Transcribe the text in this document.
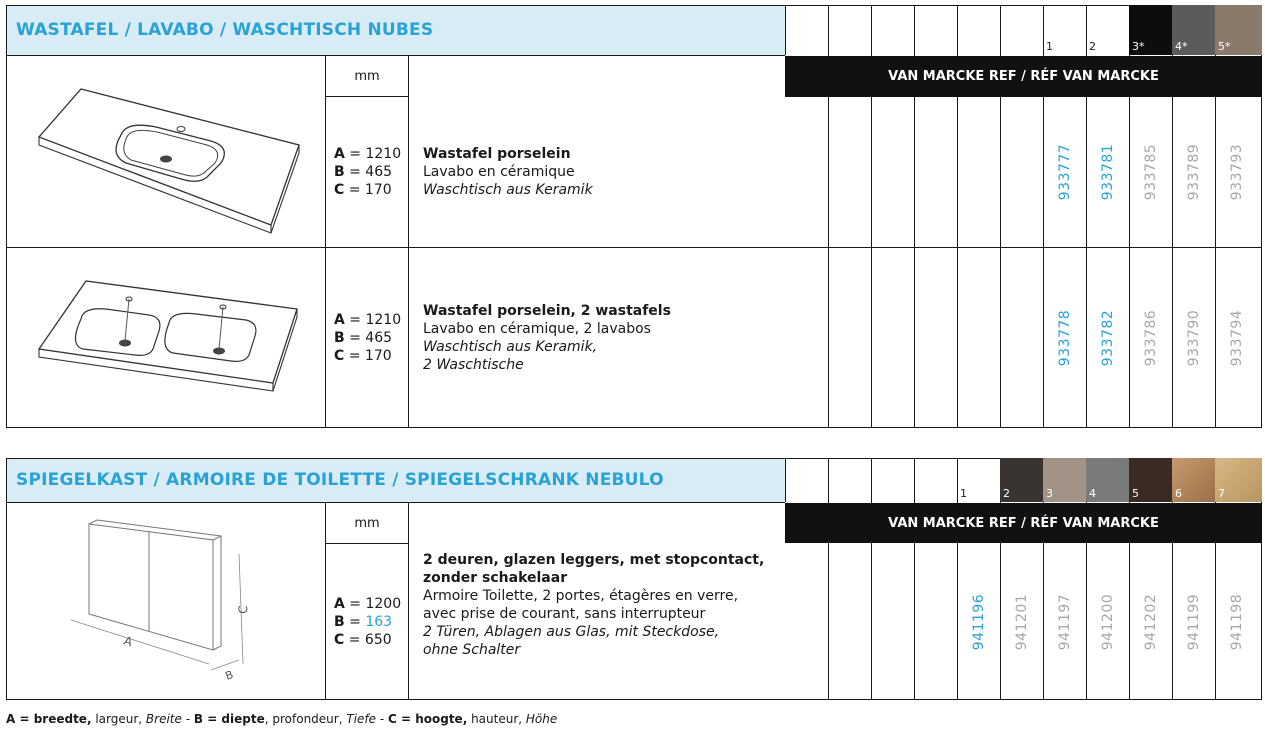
WASTAFEL / LAVABO / WASCHTISCH NUBES
1	2	3*	4*	5*
VAN MARCKE REF / RÉF VAN MARCKE
mm
A = 1210
B = 465
C = 170
Wastafel porselein
Lavabo en céramique
Waschtisch aus Keramik	933777 933781 933785 933789 933793
A = 1210
B = 465
C = 170
Wastafel porselein, 2 wastafels
Lavabo en céramique, 2 lavabos
Waschtisch aus Keramik,
2 Waschtische	933778 933782 933786 933790 933794
SPIEGELKAST / ARMOIRE DE TOILETTE / SPIEGELSCHRANK NEBULO
1	2	3	4	5	6	7
VAN MARCKE REF / RÉF VAN MARCKE
mm
A
C
B
A = 1200
B = 163
C = 650
2 deuren, glazen leggers, met stopcontact,
zonder schakelaar
Armoire Toilette, 2 portes, étagères en verre,
avec prise de courant, sans interrupteur
2 Türen, Ablagen aus Glas, mit Steckdose,
ohne Schalter	941196 941201 941197 941200 941202 941199 941198
A = breedte, largeur, Breite - B = diepte, profondeur, Tiefe - C = hoogte, hauteur, Höhe
